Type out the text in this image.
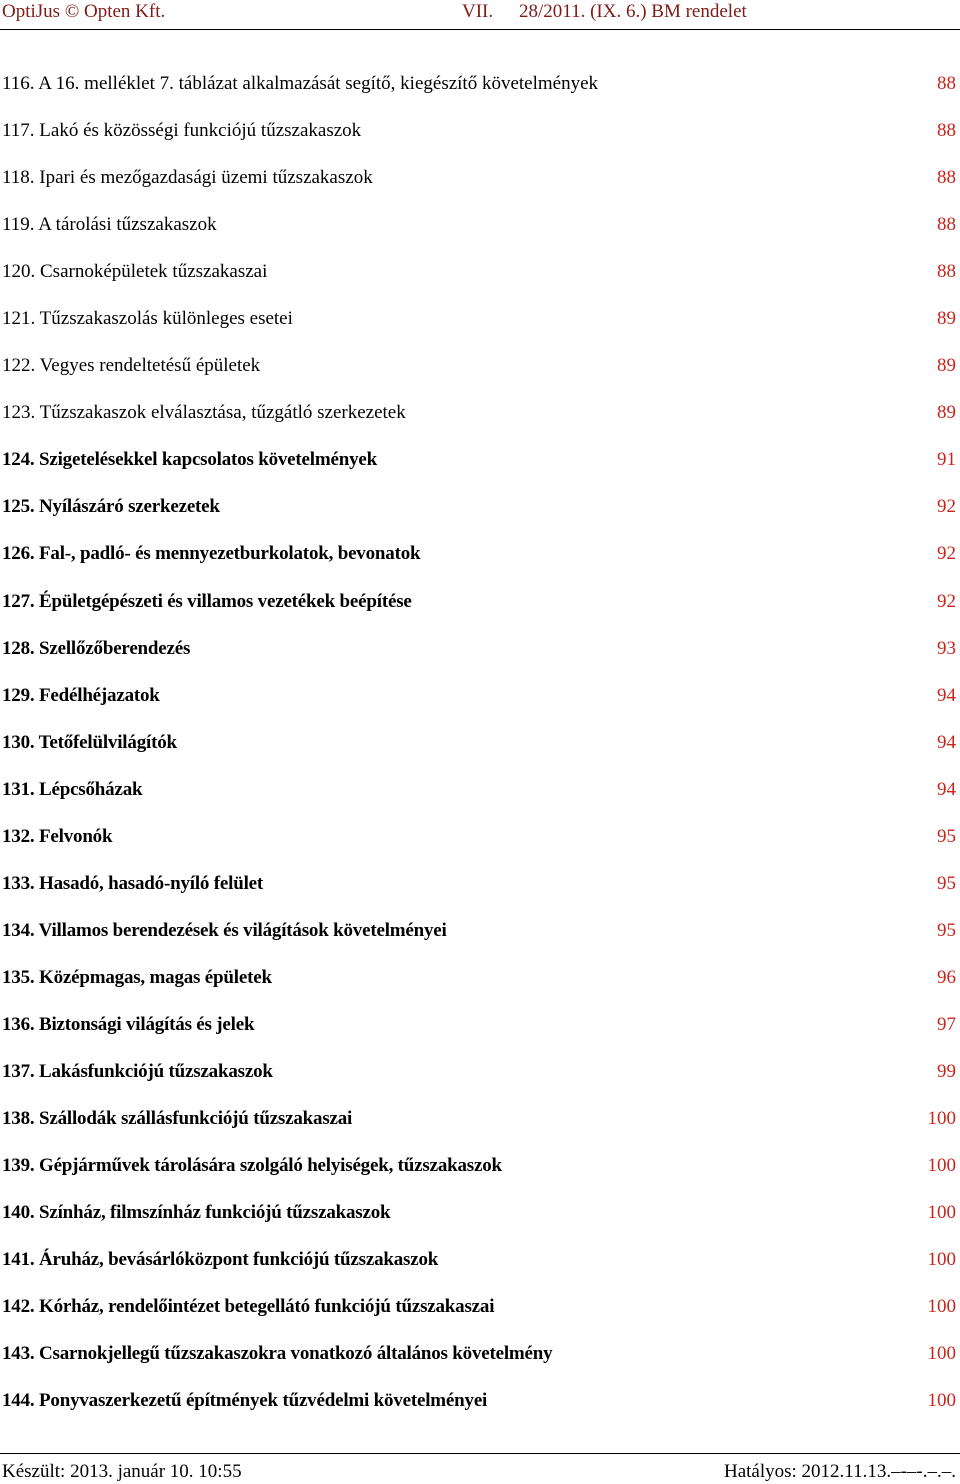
OptiJus © Opten Kft.	VII. 28/2011. (IX. 6.) BM rendelet
116. A 16. melléklet 7. táblázat alkalmazását segítő, kiegészítő követelmények	88
117. Lakó és közösségi funkciójú tűzszakaszok	88
118. Ipari és mezőgazdasági üzemi tűzszakaszok	88
119. A tárolási tűzszakaszok	88
120. Csarnoképületek tűzszakaszai	88
121. Tűzszakaszolás különleges esetei	89
122. Vegyes rendeltetésű épületek	89
123. Tűzszakaszok elválasztása, tűzgátló szerkezetek	89
124. Szigetelésekkel kapcsolatos követelmények	91
125. Nyílászáró szerkezetek	92
126. Fal-, padló- és mennyezetburkolatok, bevonatok	92
127. Épületgépészeti és villamos vezetékek beépítése	92
128. Szellőzőberendezés	93
129. Fedélhéjazatok	94
130. Tetőfelülvilágítók	94
131. Lépcsőházak	94
132. Felvonók	95
133. Hasadó, hasadó-nyíló felület	95
134. Villamos berendezések és világítások követelményei	95
135. Középmagas, magas épületek	96
136. Biztonsági világítás és jelek	97
137. Lakásfunkciójú tűzszakaszok	99
138. Szállodák szállásfunkciójú tűzszakaszai	100
139. Gépjárművek tárolására szolgáló helyiségek, tűzszakaszok	100
140. Színház, filmszínház funkciójú tűzszakaszok	100
141. Áruház, bevásárlóközpont funkciójú tűzszakaszok	100
142. Kórház, rendelőintézet betegellátó funkciójú tűzszakaszai	100
143. Csarnokjellegű tűzszakaszokra vonatkozó általános követelmény	100
144. Ponyvaszerkezetű építmények tűzvédelmi követelményei	100
Készült: 2013. január 10. 10:55	Hatályos: 2012.11.13.–-–-.–.–.
